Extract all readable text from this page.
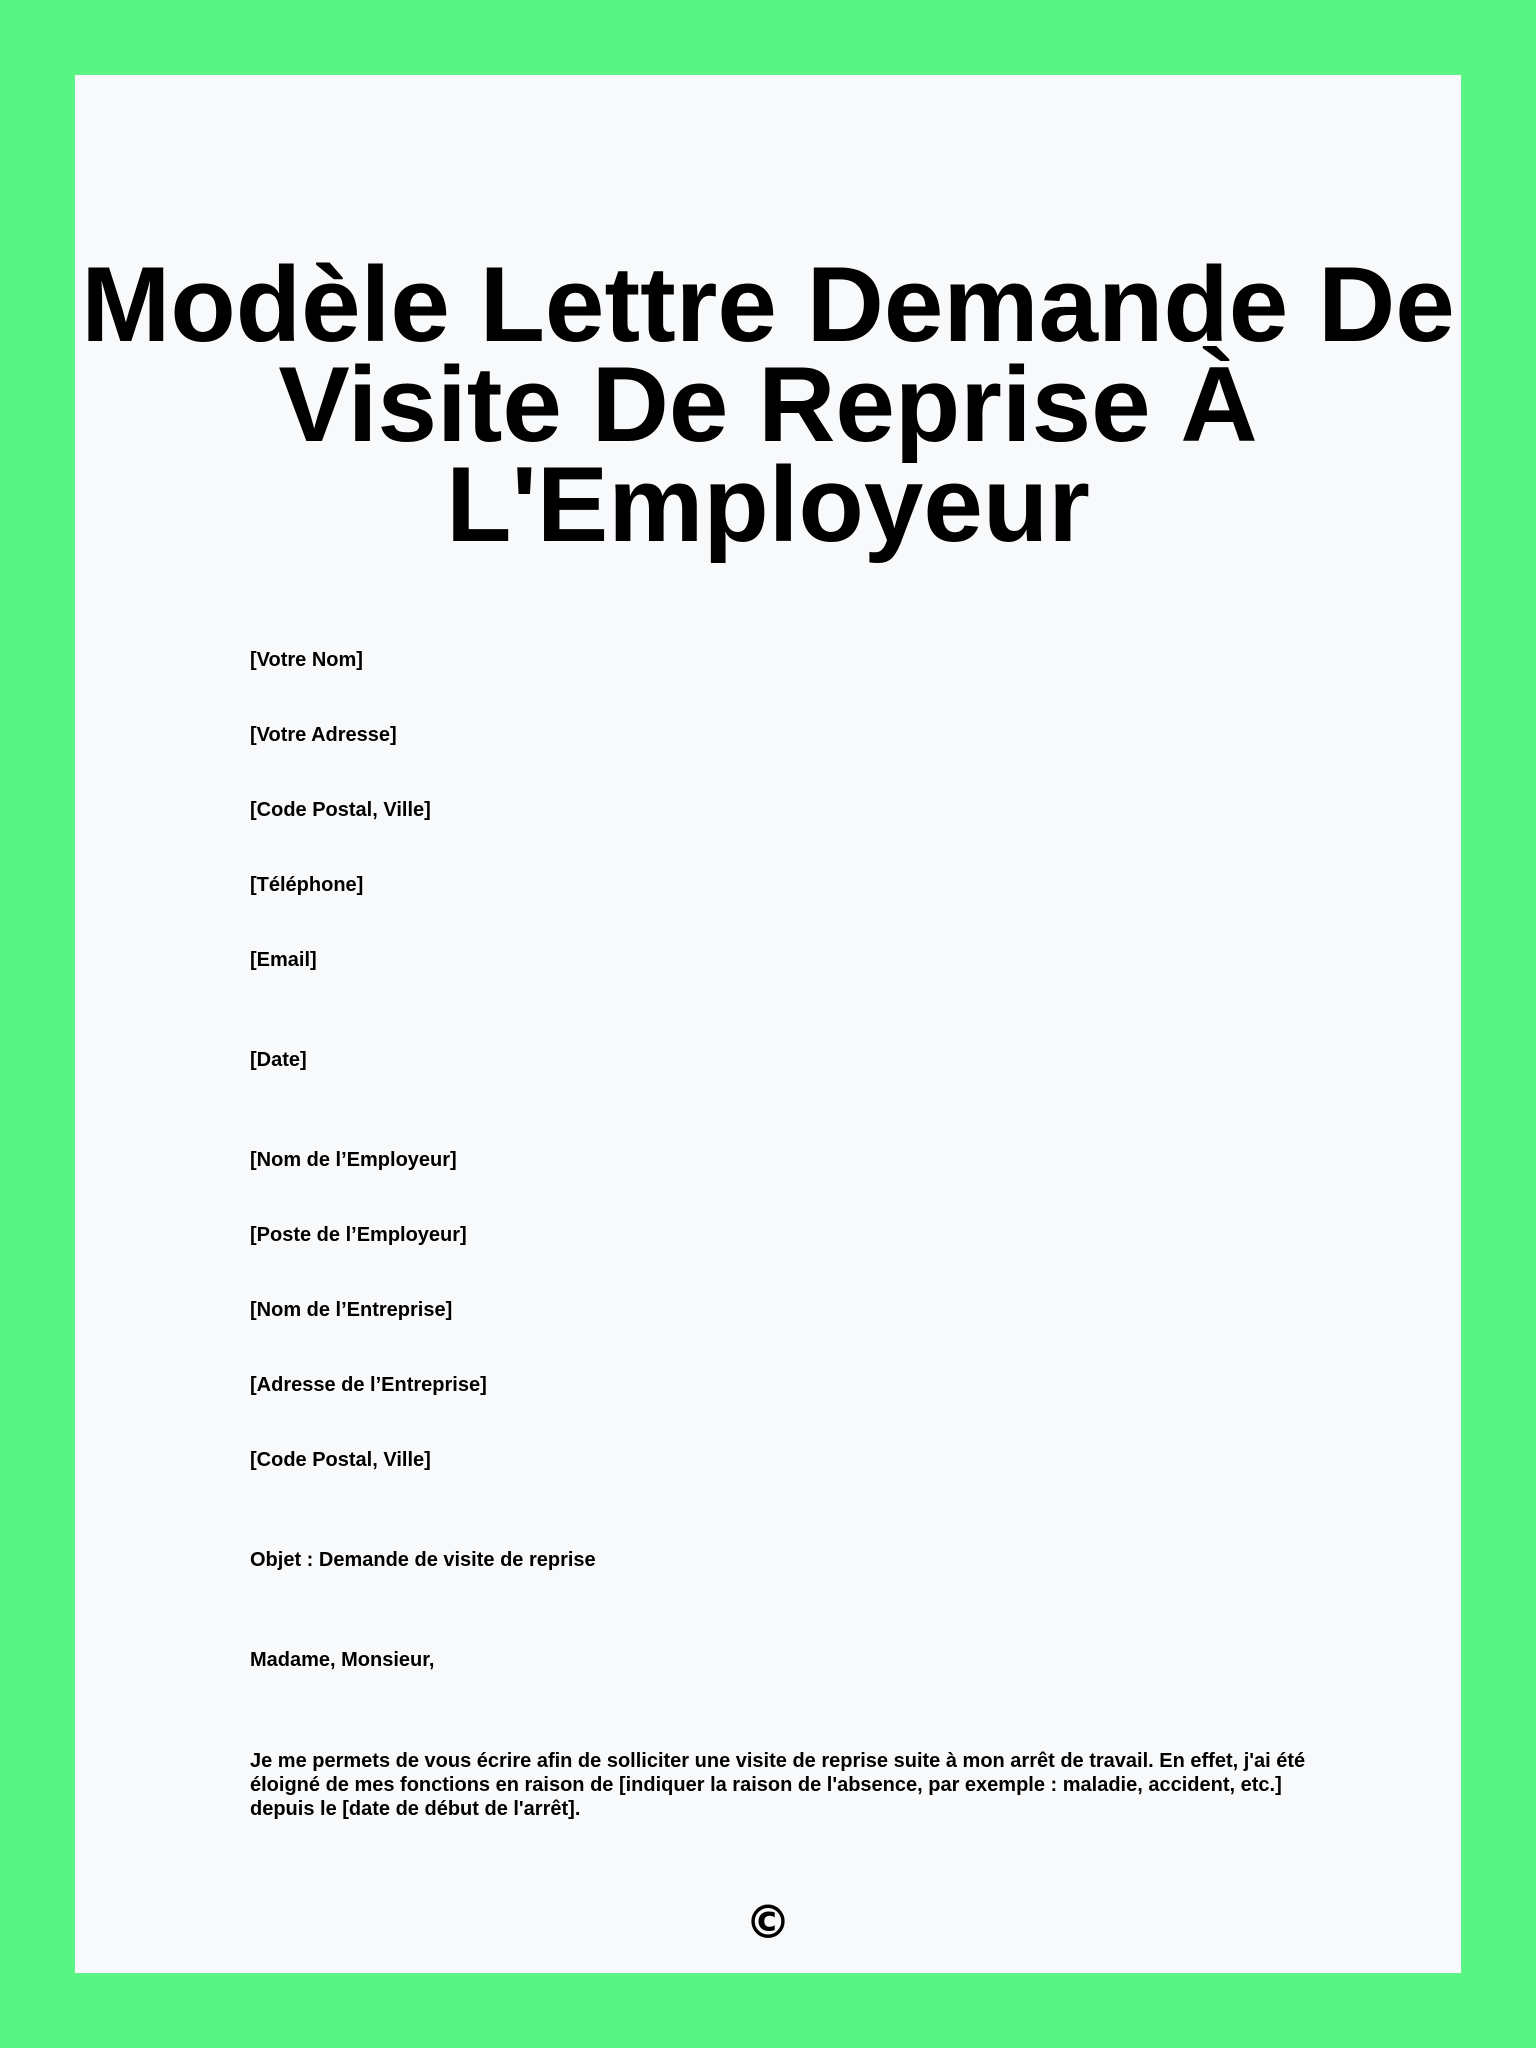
Modèle Lettre Demande De Visite De Reprise À L'Employeur

[Votre Nom]

[Votre Adresse]

[Code Postal, Ville]

[Téléphone]

[Email]

[Date]

[Nom de l’Employeur]

[Poste de l’Employeur]

[Nom de l’Entreprise]

[Adresse de l’Entreprise]

[Code Postal, Ville]

Objet : Demande de visite de reprise

Madame, Monsieur,

Je me permets de vous écrire afin de solliciter une visite de reprise suite à mon arrêt de travail. En effet, j'ai été éloigné de mes fonctions en raison de [indiquer la raison de l'absence, par exemple : maladie, accident, etc.] depuis le [date de début de l'arrêt].

©
